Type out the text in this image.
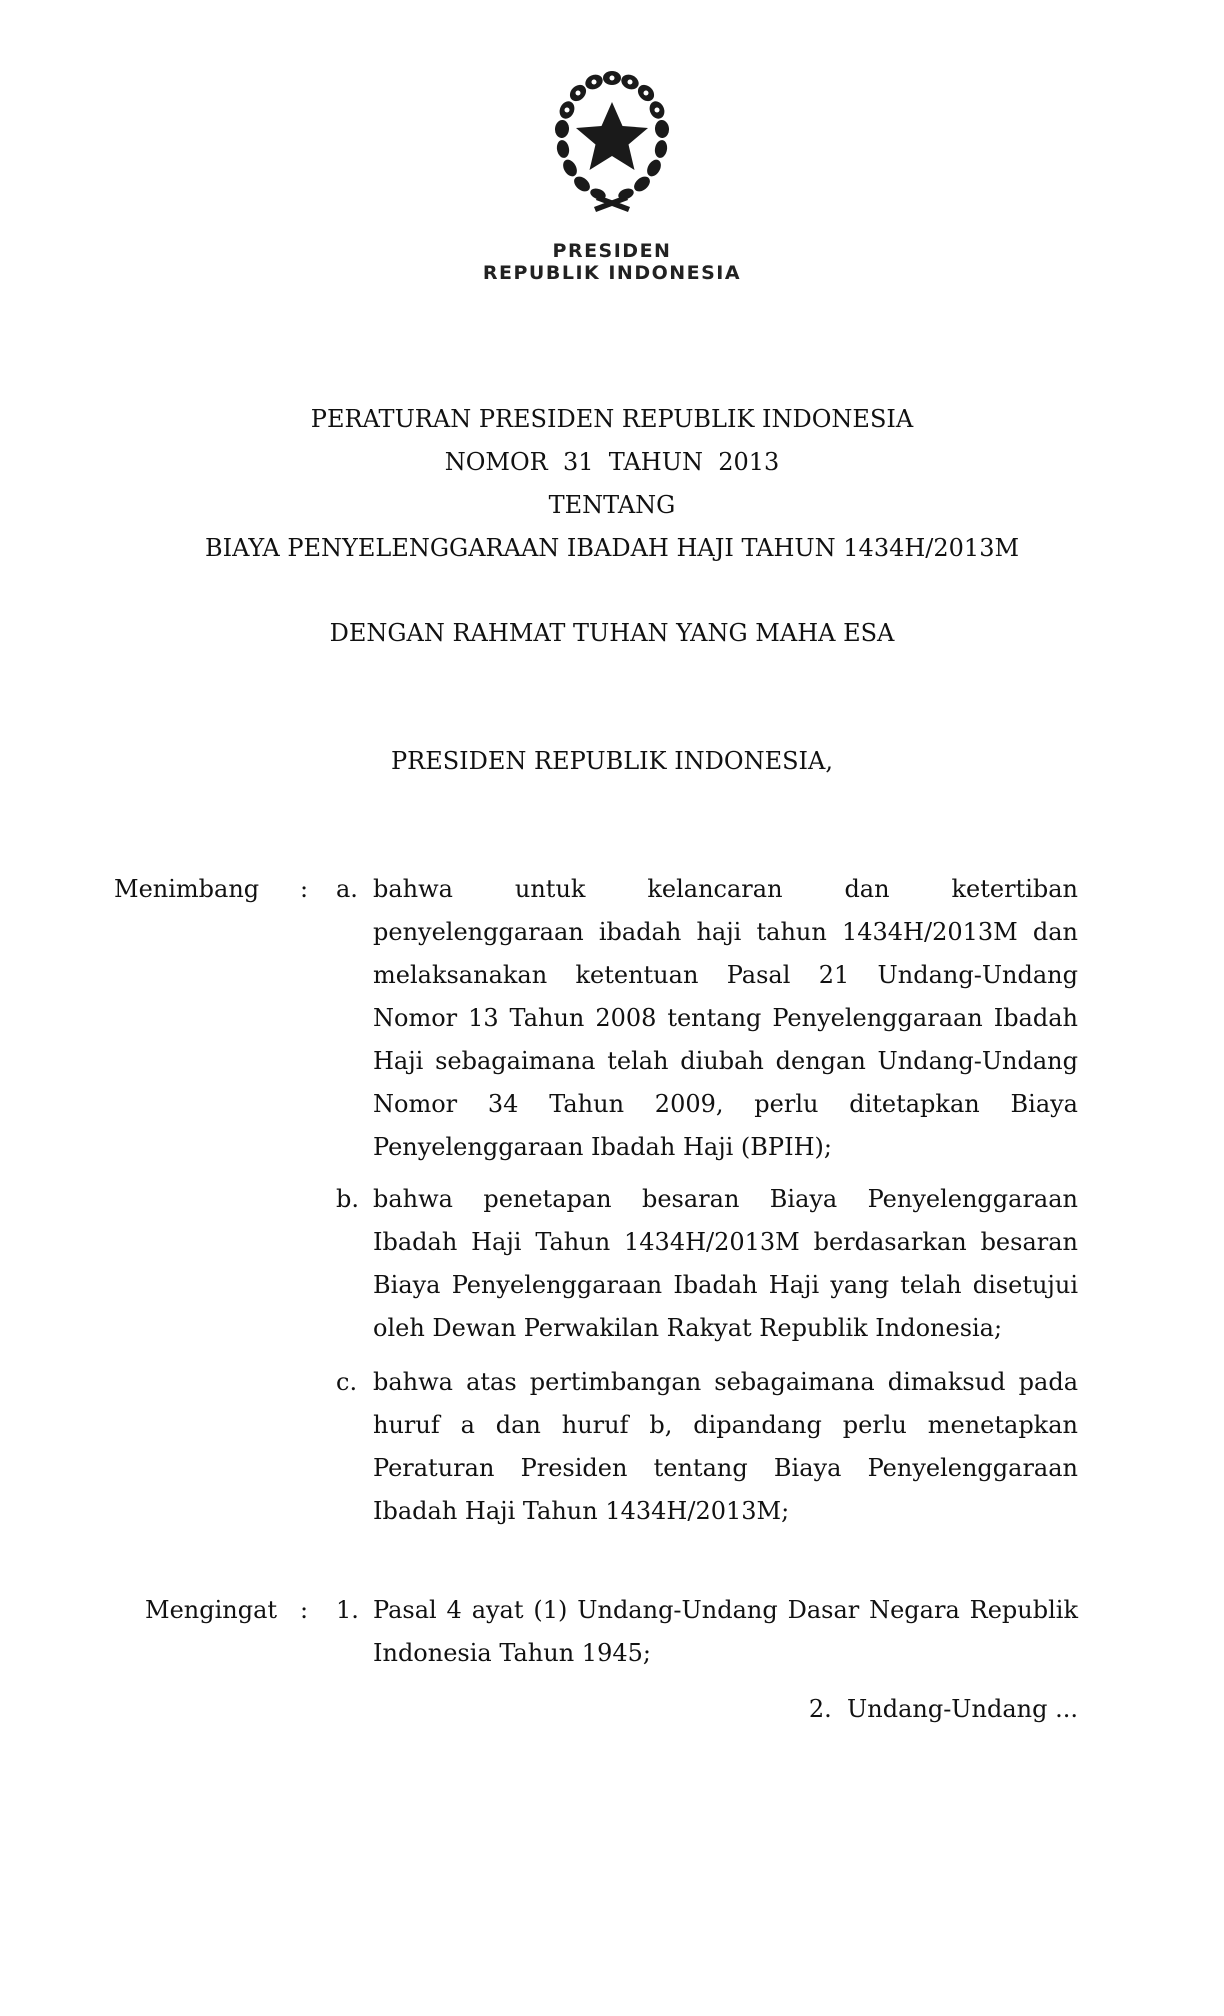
PRESIDEN
REPUBLIK INDONESIA
PERATURAN PRESIDEN REPUBLIK INDONESIA
NOMOR  31  TAHUN  2013
TENTANG
BIAYA PENYELENGGARAAN IBADAH HAJI TAHUN 1434H/2013M
DENGAN RAHMAT TUHAN YANG MAHA ESA
PRESIDEN REPUBLIK INDONESIA,
Menimbang : a. bahwa untuk kelancaran dan ketertiban penyelenggaraan ibadah haji tahun 1434H/2013M dan melaksanakan ketentuan Pasal 21 Undang-Undang Nomor 13 Tahun 2008 tentang Penyelenggaraan Ibadah Haji sebagaimana telah diubah dengan Undang-Undang Nomor 34 Tahun 2009, perlu ditetapkan Biaya Penyelenggaraan Ibadah Haji (BPIH);

b. bahwa penetapan besaran Biaya Penyelenggaraan Ibadah Haji Tahun 1434H/2013M berdasarkan besaran Biaya Penyelenggaraan Ibadah Haji yang telah disetujui oleh Dewan Perwakilan Rakyat Republik Indonesia;

c. bahwa atas pertimbangan sebagaimana dimaksud pada huruf a dan huruf b, dipandang perlu menetapkan Peraturan Presiden tentang Biaya Penyelenggaraan Ibadah Haji Tahun 1434H/2013M;

Mengingat : 1. Pasal 4 ayat (1) Undang-Undang Dasar Negara Republik Indonesia Tahun 1945;

2.  Undang-Undang ...
